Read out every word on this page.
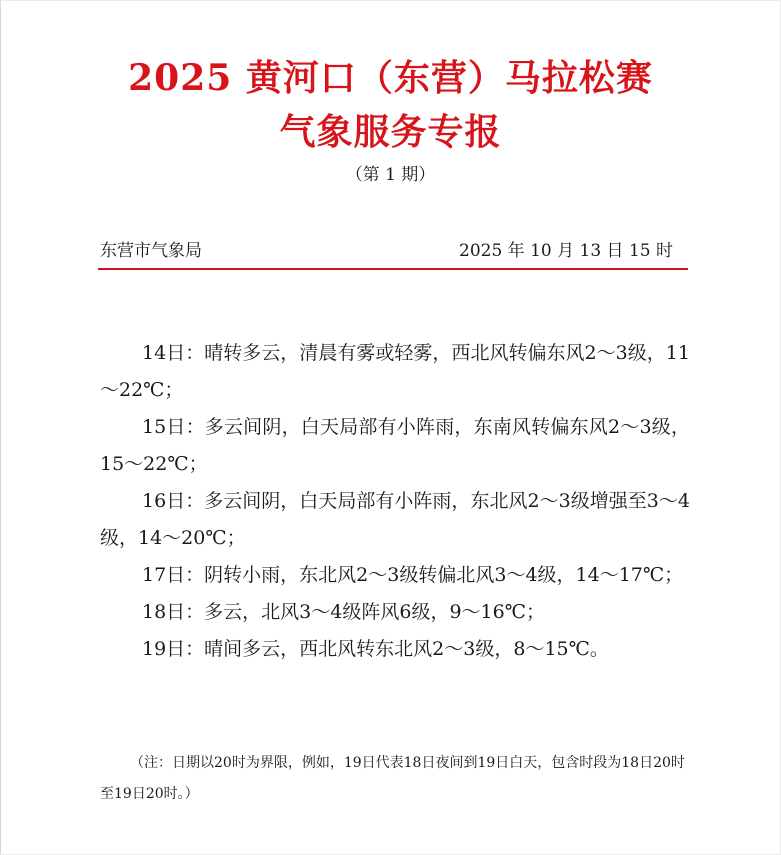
2025 黄河口（东营）马拉松赛
气象服务专报
（第 1 期）
东营市气象局	2025 年 10 月 13 日 15 时
14日：晴转多云，清晨有雾或轻雾，西北风转偏东风2～3级，11～22℃；
15日：多云间阴，白天局部有小阵雨，东南风转偏东风2～3级，15～22℃；
16日：多云间阴，白天局部有小阵雨，东北风2～3级增强至3～4级，14～20℃；
17日：阴转小雨，东北风2～3级转偏北风3～4级，14～17℃；
18日：多云，北风3～4级阵风6级，9～16℃；
19日：晴间多云，西北风转东北风2～3级，8～15℃。
（注：日期以20时为界限，例如，19日代表18日夜间到19日白天，包含时段为18日20时至19日20时。）
